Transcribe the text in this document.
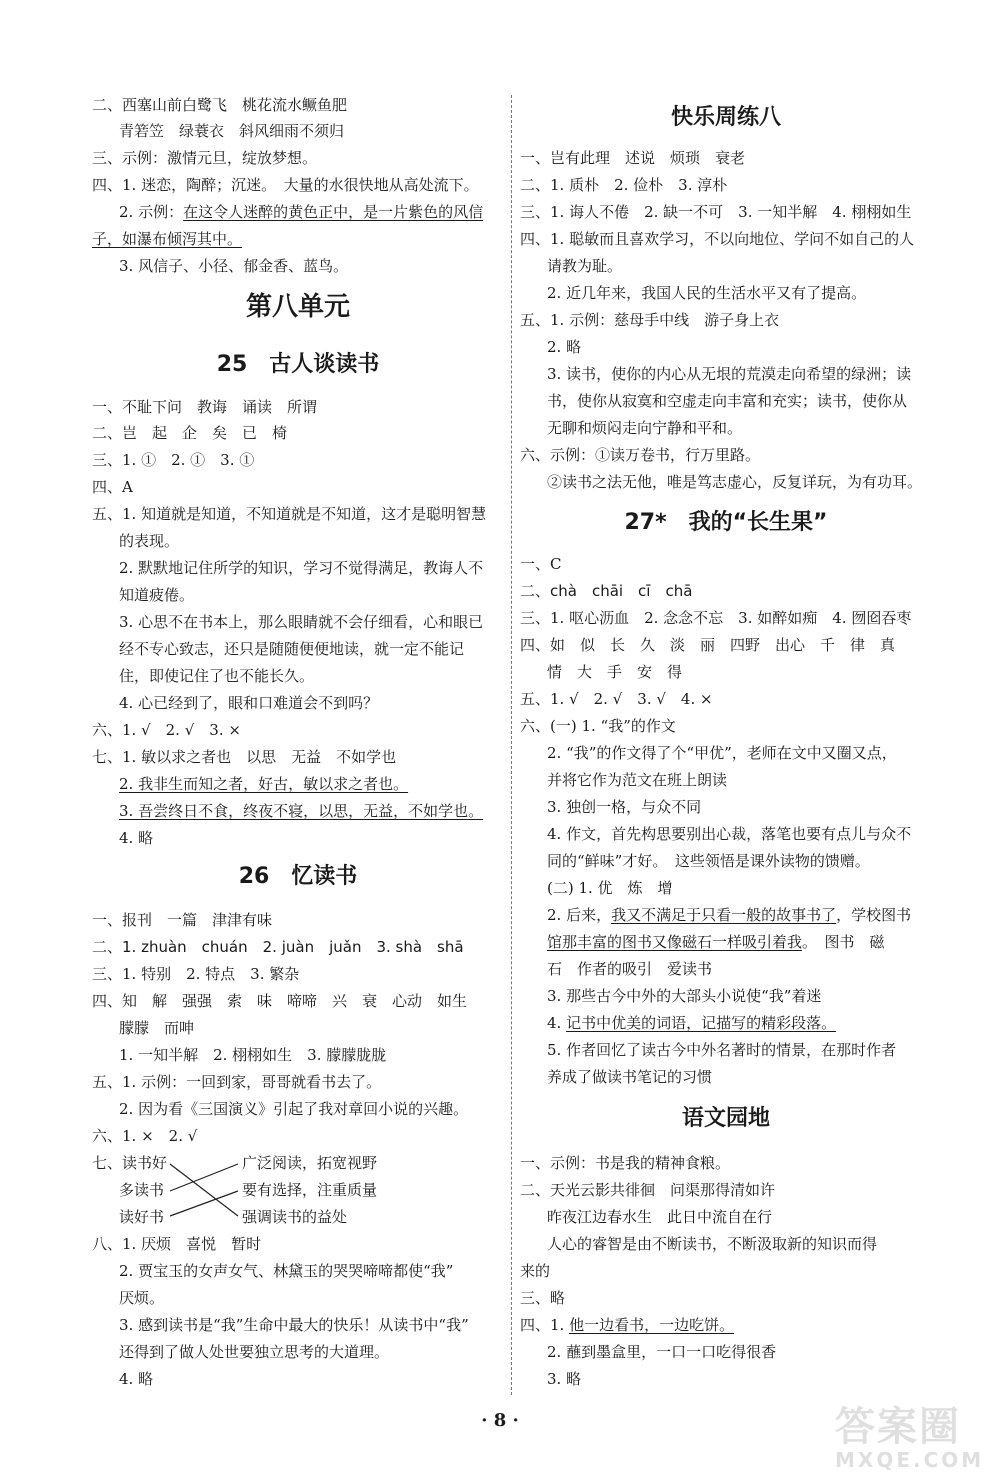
二、西塞山前白鹭飞　桃花流水鳜鱼肥
青箬笠　绿蓑衣　斜风细雨不须归
三、示例：激情元旦，绽放梦想。
四、1. 迷恋，陶醉；沉迷。　大量的水很快地从高处流下。
2. 示例：在这令人迷醉的黄色正中，是一片紫色的风信
子，如瀑布倾泻其中。
3. 风信子、小径、郁金香、蓝鸟。
第八单元
25　古人谈读书
一、不耻下问　教诲　诵读　所谓
二、岂　起　企　矣　已　椅
三、1. ①　2. ①　3. ①
四、A
五、1. 知道就是知道，不知道就是不知道，这才是聪明智慧
的表现。
2. 默默地记住所学的知识，学习不觉得满足，教诲人不
知道疲倦。
3. 心思不在书本上，那么眼睛就不会仔细看，心和眼已
经不专心致志，还只是随随便便地读，就一定不能记
住，即使记住了也不能长久。
4. 心已经到了，眼和口难道会不到吗？
六、1. √　2. √　3. ×
七、1. 敏以求之者也　以思　无益　不如学也
2. 我非生而知之者，好古，敏以求之者也。
3. 吾尝终日不食，终夜不寝，以思，无益，不如学也。
4. 略
26　忆读书
一、报刊　一篇　津津有味
二、1. zhuàn　chuán　2. juàn　juǎn　3. shà　shā
三、1. 特别　2. 特点　3. 繁杂
四、知　解　强强　索　味　啼啼　兴　衰　心动　如生
朦朦　而呻
1. 一知半解　2. 栩栩如生　3. 朦朦胧胧
五、1. 示例：一回到家，哥哥就看书去了。
2. 因为看《三国演义》引起了我对章回小说的兴趣。
六、1. ×　2. √
七、读书好	广泛阅读，拓宽视野
多读书	要有选择，注重质量
读好书	强调读书的益处
八、1. 厌烦　喜悦　暂时
2. 贾宝玉的女声女气、林黛玉的哭哭啼啼都使“我”
厌烦。
3. 感到读书是“我”生命中最大的快乐！从读书中“我”
还得到了做人处世要独立思考的大道理。
4. 略
快乐周练八
一、岂有此理　述说　烦琐　衰老
二、1. 质朴　2. 俭朴　3. 淳朴
三、1. 诲人不倦　2. 缺一不可　3. 一知半解　4. 栩栩如生
四、1. 聪敏而且喜欢学习，不以向地位、学问不如自己的人
请教为耻。
2. 近几年来，我国人民的生活水平又有了提高。
五、1. 示例：慈母手中线　游子身上衣
2. 略
3. 读书，使你的内心从无垠的荒漠走向希望的绿洲；读
书，使你从寂寞和空虚走向丰富和充实；读书，使你从
无聊和烦闷走向宁静和平和。
六、示例：①读万卷书，行万里路。
②读书之法无他，唯是笃志虚心，反复详玩，为有功耳。
27*　我的“长生果”
一、C
二、chà　chāi　cī　chā
三、1. 呕心沥血　2. 念念不忘　3. 如醉如痴　4. 囫囵吞枣
四、如　似　长　久　淡　丽　四野　出心　千　律　真
情　大　手　安　得
五、1. √　2. √　3. √　4. ×
六、(一) 1. “我”的作文
2. “我”的作文得了个“甲优”，老师在文中又圈又点，
并将它作为范文在班上朗读
3. 独创一格，与众不同
4. 作文，首先构思要别出心裁，落笔也要有点儿与众不
同的“鲜味”才好。　这些领悟是课外读物的馈赠。
(二) 1. 优　炼　增
2. 后来，我又不满足于只看一般的故事书了，学校图书
馆那丰富的图书又像磁石一样吸引着我。　图书　磁
石　作者的吸引　爱读书
3. 那些古今中外的大部头小说使“我”着迷
4. 记书中优美的词语，记描写的精彩段落。
5. 作者回忆了读古今中外名著时的情景，在那时作者
养成了做读书笔记的习惯
语文园地
一、示例：书是我的精神食粮。
二、天光云影共徘徊　问渠那得清如许
昨夜江边春水生　此日中流自在行
人心的睿智是由不断读书，不断汲取新的知识而得
来的
三、略
四、1. 他一边看书，一边吃饼。
2. 蘸到墨盒里，一口一口吃得很香
3. 略
· 8 ·	答案圈
MXQE.COM
